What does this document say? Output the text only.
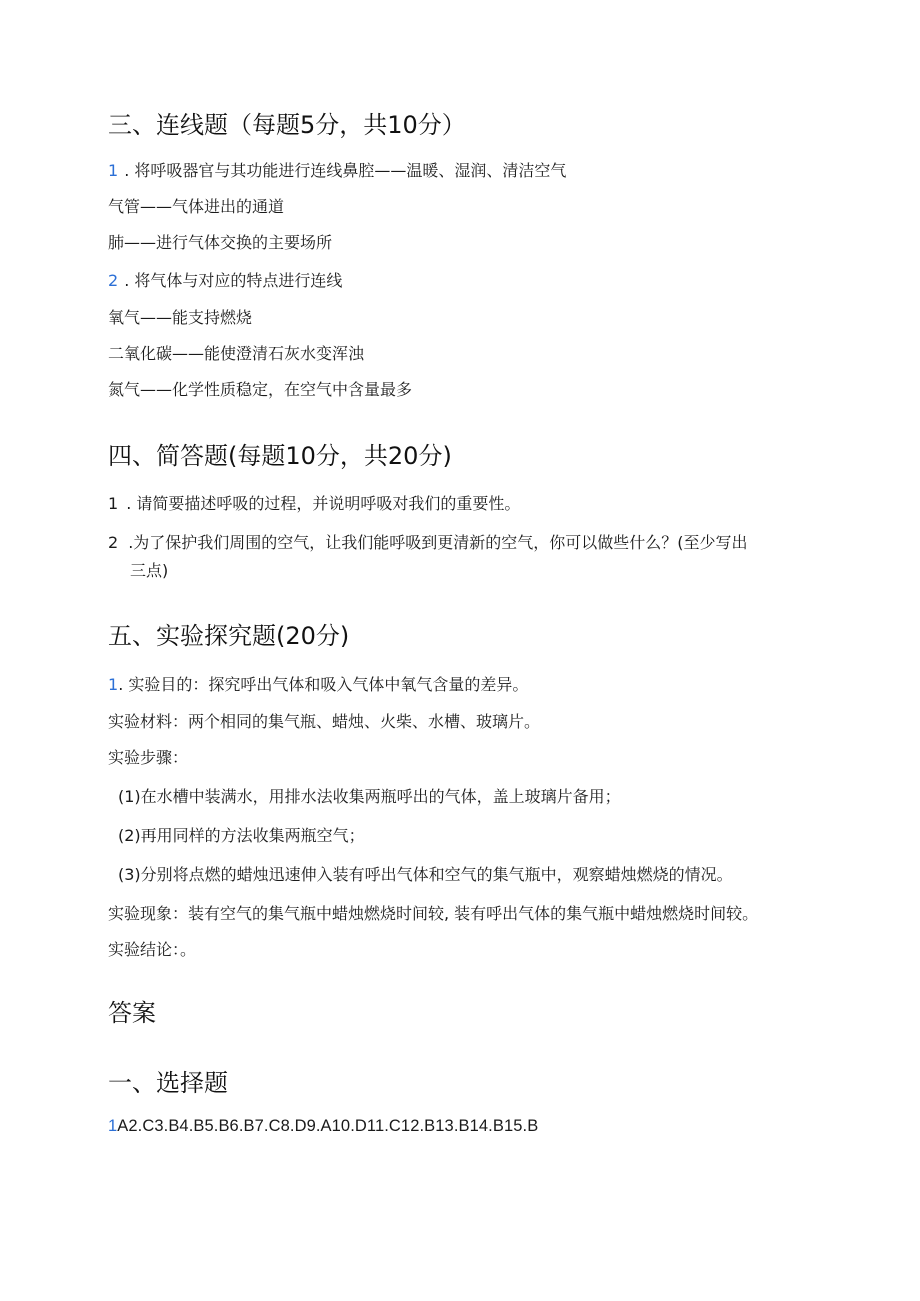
三、连线题（每题5分，共10分）
1 . 将呼吸器官与其功能进行连线鼻腔——温暖、湿润、清洁空气
气管——气体进出的通道
肺——进行气体交换的主要场所
2 . 将气体与对应的特点进行连线
氧气——能支持燃烧
二氧化碳——能使澄清石灰水变浑浊
氮气——化学性质稳定，在空气中含量最多
四、简答题(每题10分，共20分)
1 . 请简要描述呼吸的过程，并说明呼吸对我们的重要性。
2 .为了保护我们周围的空气，让我们能呼吸到更清新的空气，你可以做些什么？(至少写出
三点)
五、实验探究题(20分)
1. 实验目的：探究呼出气体和吸入气体中氧气含量的差异。
实验材料：两个相同的集气瓶、蜡烛、火柴、水槽、玻璃片。
实验步骤：
(1)在水槽中装满水，用排水法收集两瓶呼出的气体，盖上玻璃片备用；
(2)再用同样的方法收集两瓶空气；
(3)分别将点燃的蜡烛迅速伸入装有呼出气体和空气的集气瓶中，观察蜡烛燃烧的情况。
实验现象：装有空气的集气瓶中蜡烛燃烧时间较, 装有呼出气体的集气瓶中蜡烛燃烧时间较。
实验结论：。
答案
一、选择题
1A2.C3.B4.B5.B6.B7.C8.D9.A10.D11.C12.B13.B14.B15.B
